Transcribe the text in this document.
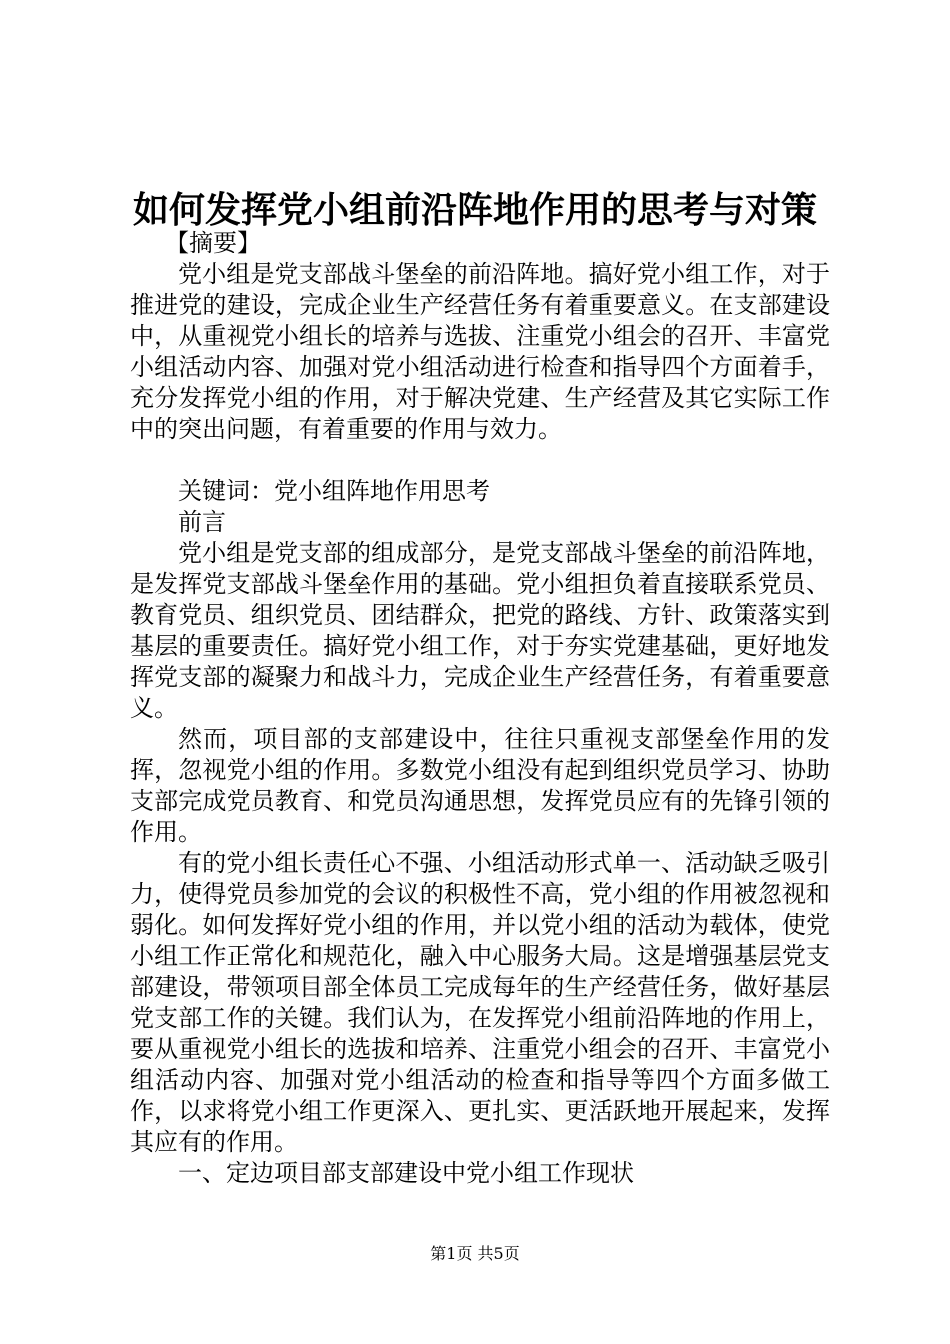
如何发挥党小组前沿阵地作用的思考与对策

【摘要】

党小组是党支部战斗堡垒的前沿阵地。搞好党小组工作，对于推进党的建设，完成企业生产经营任务有着重要意义。在支部建设中，从重视党小组长的培养与选拔、注重党小组会的召开、丰富党小组活动内容、加强对党小组活动进行检查和指导四个方面着手，充分发挥党小组的作用，对于解决党建、生产经营及其它实际工作中的突出问题，有着重要的作用与效力。

关键词：党小组阵地作用思考

前言

党小组是党支部的组成部分，是党支部战斗堡垒的前沿阵地，是发挥党支部战斗堡垒作用的基础。党小组担负着直接联系党员、教育党员、组织党员、团结群众，把党的路线、方针、政策落实到基层的重要责任。搞好党小组工作，对于夯实党建基础，更好地发挥党支部的凝聚力和战斗力，完成企业生产经营任务，有着重要意义。

然而，项目部的支部建设中，往往只重视支部堡垒作用的发挥，忽视党小组的作用。多数党小组没有起到组织党员学习、协助支部完成党员教育、和党员沟通思想，发挥党员应有的先锋引领的作用。

有的党小组长责任心不强、小组活动形式单一、活动缺乏吸引力，使得党员参加党的会议的积极性不高，党小组的作用被忽视和弱化。如何发挥好党小组的作用，并以党小组的活动为载体，使党小组工作正常化和规范化，融入中心服务大局。这是增强基层党支部建设，带领项目部全体员工完成每年的生产经营任务，做好基层党支部工作的关键。我们认为，在发挥党小组前沿阵地的作用上，要从重视党小组长的选拔和培养、注重党小组会的召开、丰富党小组活动内容、加强对党小组活动的检查和指导等四个方面多做工作，以求将党小组工作更深入、更扎实、更活跃地开展起来，发挥其应有的作用。

一、定边项目部支部建设中党小组工作现状

第1页 共5页
